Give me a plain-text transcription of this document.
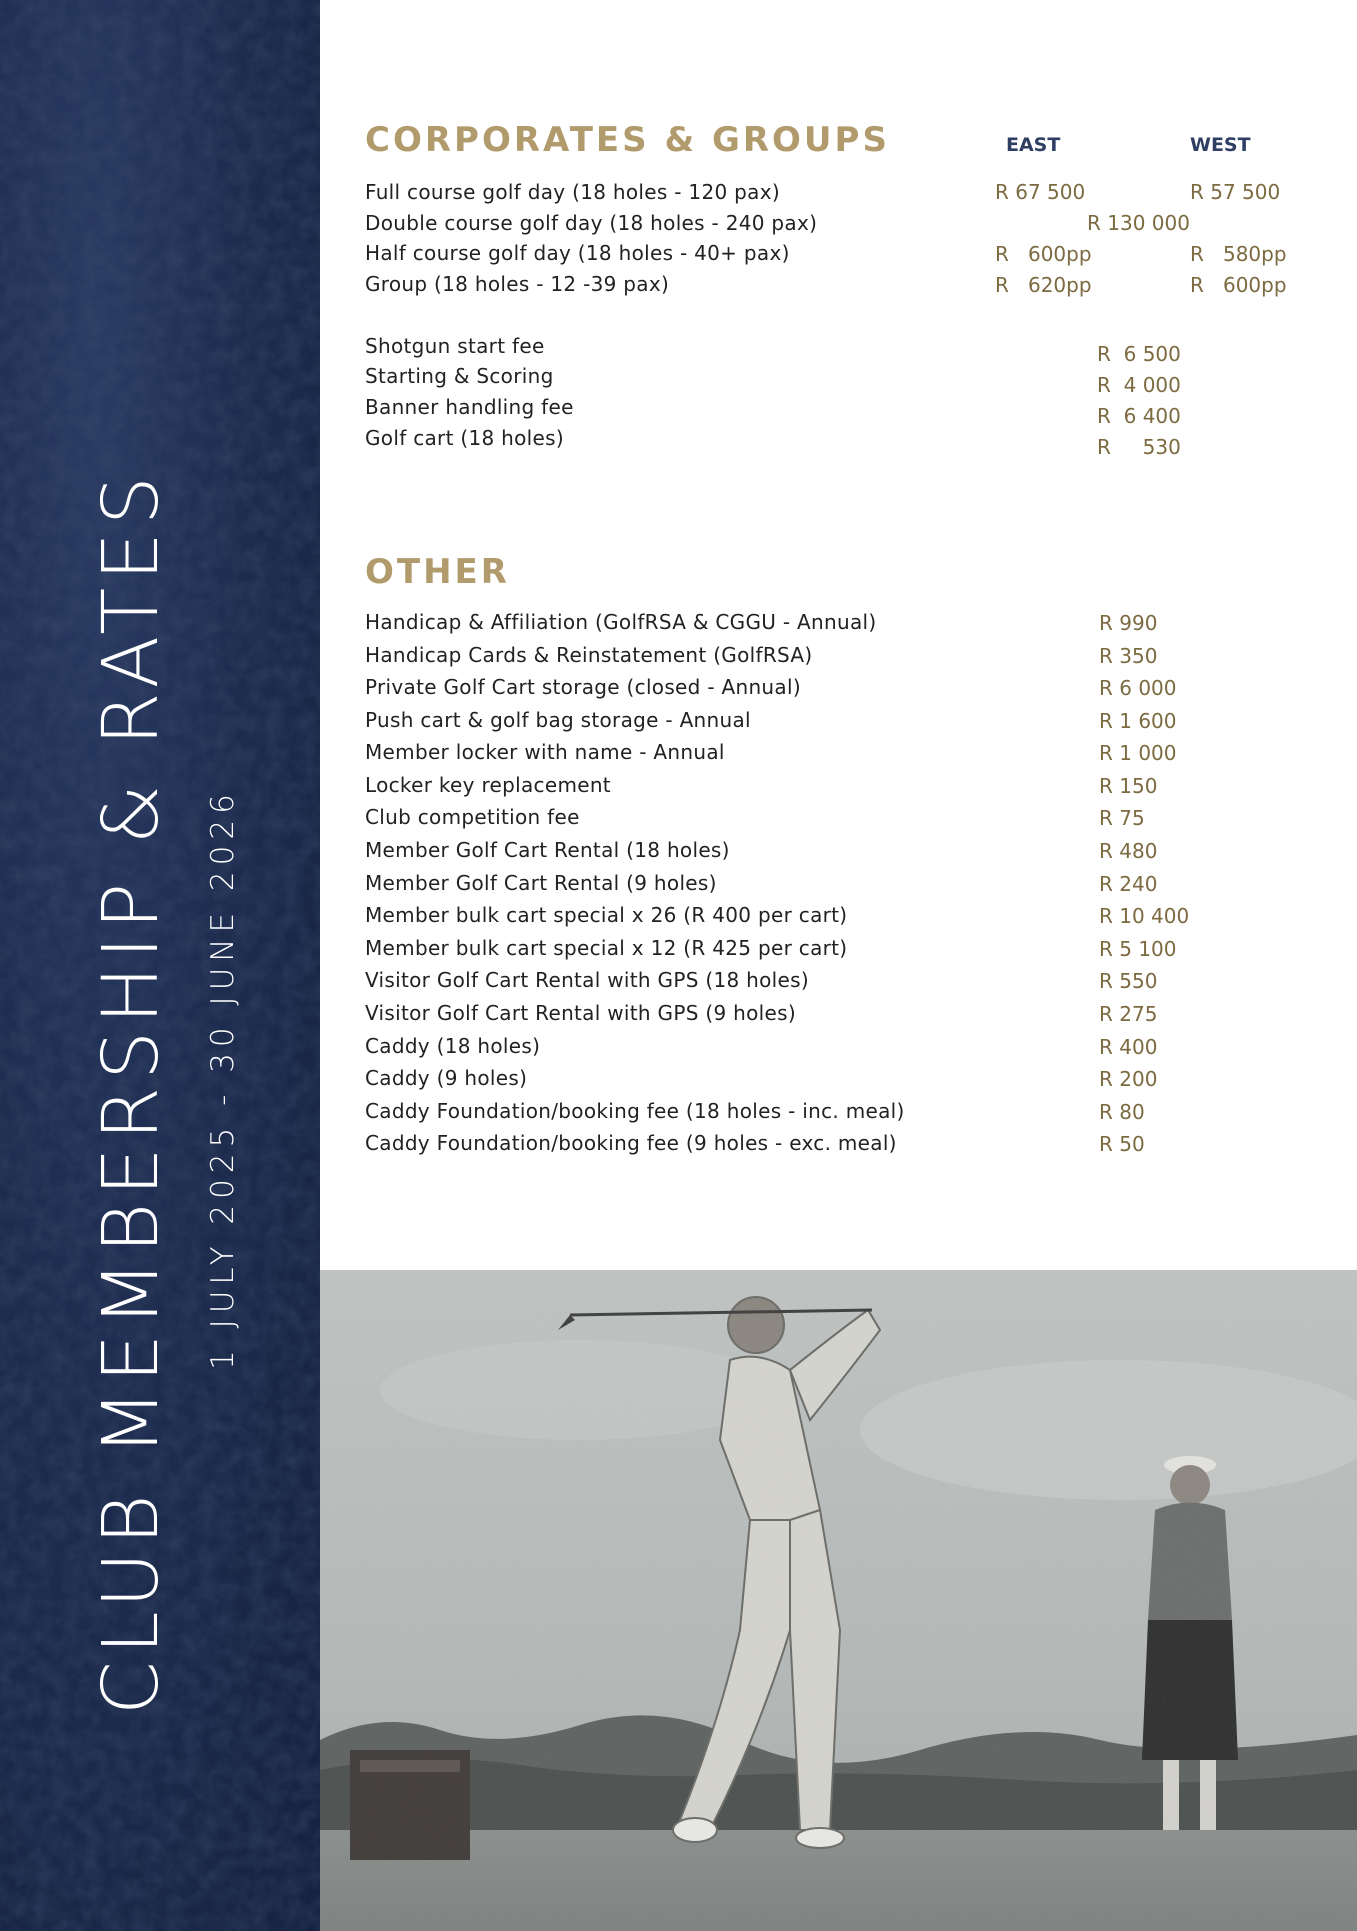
CLUB MEMBERSHIP & RATES 1 JULY 2025 - 30 JUNE 2026
CORPORATES & GROUPS	EAST	WEST
Full course golf day (18 holes - 120 pax)	R 67 500	R 57 500
Double course golf day (18 holes - 240 pax)	R 130 000
Half course golf day (18 holes - 40+ pax)	R   600pp	R   580pp
Group (18 holes - 12 -39 pax)	R   620pp	R   600pp
Shotgun start fee	R  6 500
Starting & Scoring	R  4 000
Banner handling fee	R  6 400
Golf cart (18 holes)	R     530
OTHER
Handicap & Affiliation (GolfRSA & CGGU - Annual)	R 990
Handicap Cards & Reinstatement (GolfRSA)	R 350
Private Golf Cart storage (closed - Annual)	R 6 000
Push cart & golf bag storage - Annual	R 1 600
Member locker with name - Annual	R 1 000
Locker key replacement	R 150
Club competition fee	R 75
Member Golf Cart Rental (18 holes)	R 480
Member Golf Cart Rental (9 holes)	R 240
Member bulk cart special x 26 (R 400 per cart)	R 10 400
Member bulk cart special x 12 (R 425 per cart)	R 5 100
Visitor Golf Cart Rental with GPS (18 holes)	R 550
Visitor Golf Cart Rental with GPS (9 holes)	R 275
Caddy (18 holes)	R 400
Caddy (9 holes)	R 200
Caddy Foundation/booking fee (18 holes - inc. meal)	R 80
Caddy Foundation/booking fee (9 holes - exc. meal)	R 50
